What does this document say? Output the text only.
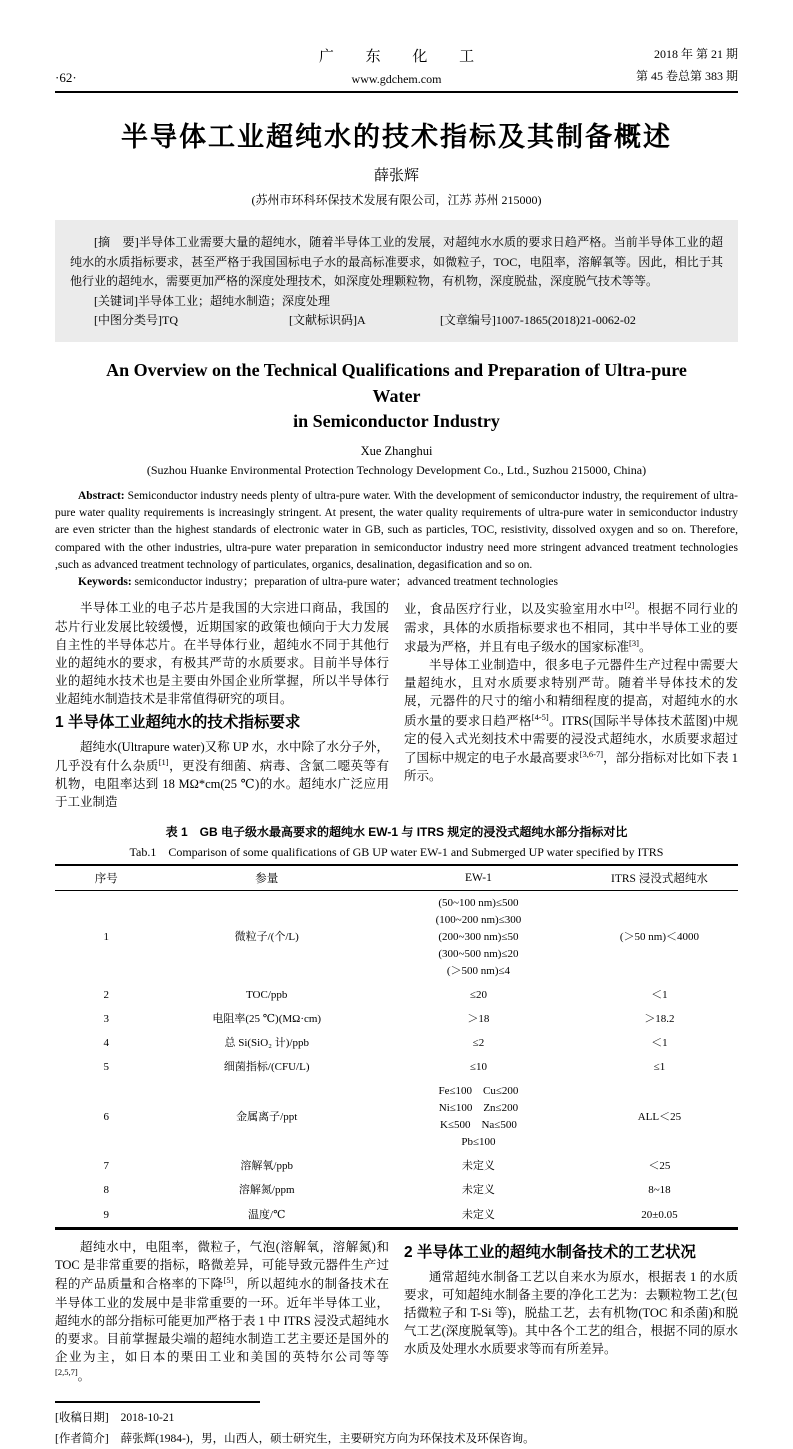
·62·
广 东 化 工
www.gdchem.com
2018 年 第 21 期
第 45 卷总第 383 期
半导体工业超纯水的技术指标及其制备概述
薛张辉
(苏州市环科环保技术发展有限公司，江苏 苏州 215000)

[摘　要]半导体工业需要大量的超纯水，随着半导体工业的发展，对超纯水水质的要求日趋严格。当前半导体工业的超纯水的水质指标要求，甚至严格于我国国标电子水的最高标准要求，如微粒子，TOC，电阻率，溶解氧等。因此，相比于其他行业的超纯水，需要更加严格的深度处理技术，如深度处理颗粒物，有机物，深度脱盐，深度脱气技术等等。

[关键词]半导体工业；超纯水制造；深度处理

[中图分类号]TQ	[文献标识码]A	[文章编号]1007-1865(2018)21-0062-02
An Overview on the Technical Qualifications and Preparation of Ultra-pure Water
in Semiconductor Industry
Xue Zhanghui
(Suzhou Huanke Environmental Protection Technology Development Co., Ltd., Suzhou 215000, China)

Abstract: Semiconductor industry needs plenty of ultra-pure water. With the development of semiconductor industry, the requirement of ultra-pure water quality requirements is increasingly stringent. At present, the water quality requirements of ultra-pure water in semiconductor industry are even stricter than the highest standards of electronic water in GB, such as particles, TOC, resistivity, dissolved oxygen and so on. Therefore, compared with the other industries, ultra-pure water preparation in semiconductor industry need more stringent advanced treatment technologies ,such as advanced treatment technology of particulates, organics, desalination, degasification and so on.

Keywords: semiconductor industry；preparation of ultra-pure water；advanced treatment technologies

半导体工业的电子芯片是我国的大宗进口商品，我国的芯片行业发展比较缓慢，近期国家的政策也倾向于大力发展自主性的半导体芯片。在半导体行业，超纯水不同于其他行业的超纯水的要求，有极其严苛的水质要求。目前半导体行业的超纯水技术也是主要由外国企业所掌握，所以半导体行业超纯水制造技术是非常值得研究的项目。

1 半导体工业超纯水的技术指标要求

超纯水(Ultrapure water)又称 UP 水，水中除了水分子外，几乎没有什么杂质[1]，更没有细菌、病毒、含氯二噁英等有机物，电阻率达到 18 MΩ*cm(25 ℃)的水。超纯水广泛应用于工业制造

业，食品医疗行业，以及实验室用水中[2]。根据不同行业的需求，具体的水质指标要求也不相同，其中半导体工业的要求最为严格，并且有电子级水的国家标准[3]。

半导体工业制造中，很多电子元器件生产过程中需要大量超纯水，且对水质要求特别严苛。随着半导体技术的发展，元器件的尺寸的缩小和精细程度的提高，对超纯水的水质水量的要求日趋严格[4-5]。ITRS(国际半导体技术蓝图)中规定的侵入式光刻技术中需要的浸没式超纯水，水质要求超过了国标中规定的电子水最高要求[3,6-7]，部分指标对比如下表 1 所示。

表 1　GB 电子级水最高要求的超纯水 EW-1 与 ITRS 规定的浸没式超纯水部分指标对比
Tab.1　Comparison of some qualifications of GB UP water EW-1 and Submerged UP water specified by ITRS
序号	参量	EW-1	ITRS 浸没式超纯水
1	微粒子/(个/L)	(50~100 nm)≤500
(100~200 nm)≤300
(200~300 nm)≤50
(300~500 nm)≤20
(＞500 nm)≤4	(＞50 nm)＜4000
2	TOC/ppb	≤20	＜1
3	电阻率(25 ℃)(MΩ·cm)	＞18	＞18.2
4	总 Si(SiO₂ 计)/ppb	≤2	＜1
5	细菌指标/(CFU/L)	≤10	≤1
6	金属离子/ppt	Fe≤100　Cu≤200
Ni≤100　Zn≤200
K≤500　Na≤500
Pb≤100	ALL＜25
7	溶解氧/ppb	未定义	＜25
8	溶解氮/ppm	未定义	8~18
9	温度/℃	未定义	20±0.05

超纯水中，电阻率，微粒子，气泡(溶解氧，溶解氮)和 TOC 是非常重要的指标，略微差异，可能导致元器件生产过程的产品质量和合格率的下降[5]，所以超纯水的制备技术在半导体工业的发展中是非常重要的一环。近年半导体工业，超纯水的部分指标可能更加严格于表 1 中 ITRS 浸没式超纯水的要求。目前掌握最尖端的超纯水制造工艺主要还是国外的企业为主，如日本的栗田工业和美国的英特尔公司等等[2,5,7]。

2 半导体工业的超纯水制备技术的工艺状况

通常超纯水制备工艺以自来水为原水，根据表 1 的水质要求，可知超纯水制备主要的净化工艺为：去颗粒物工艺(包括微粒子和 T-Si 等)，脱盐工艺，去有机物(TOC 和杀菌)和脱气工艺(深度脱氧等)。其中各个工艺的组合，根据不同的原水水质及处理水水质要求等而有所差异。

[收稿日期] 2018-10-21
[作者简介] 薛张辉(1984-)，男，山西人，硕士研究生，主要研究方向为环保技术及环保咨询。
